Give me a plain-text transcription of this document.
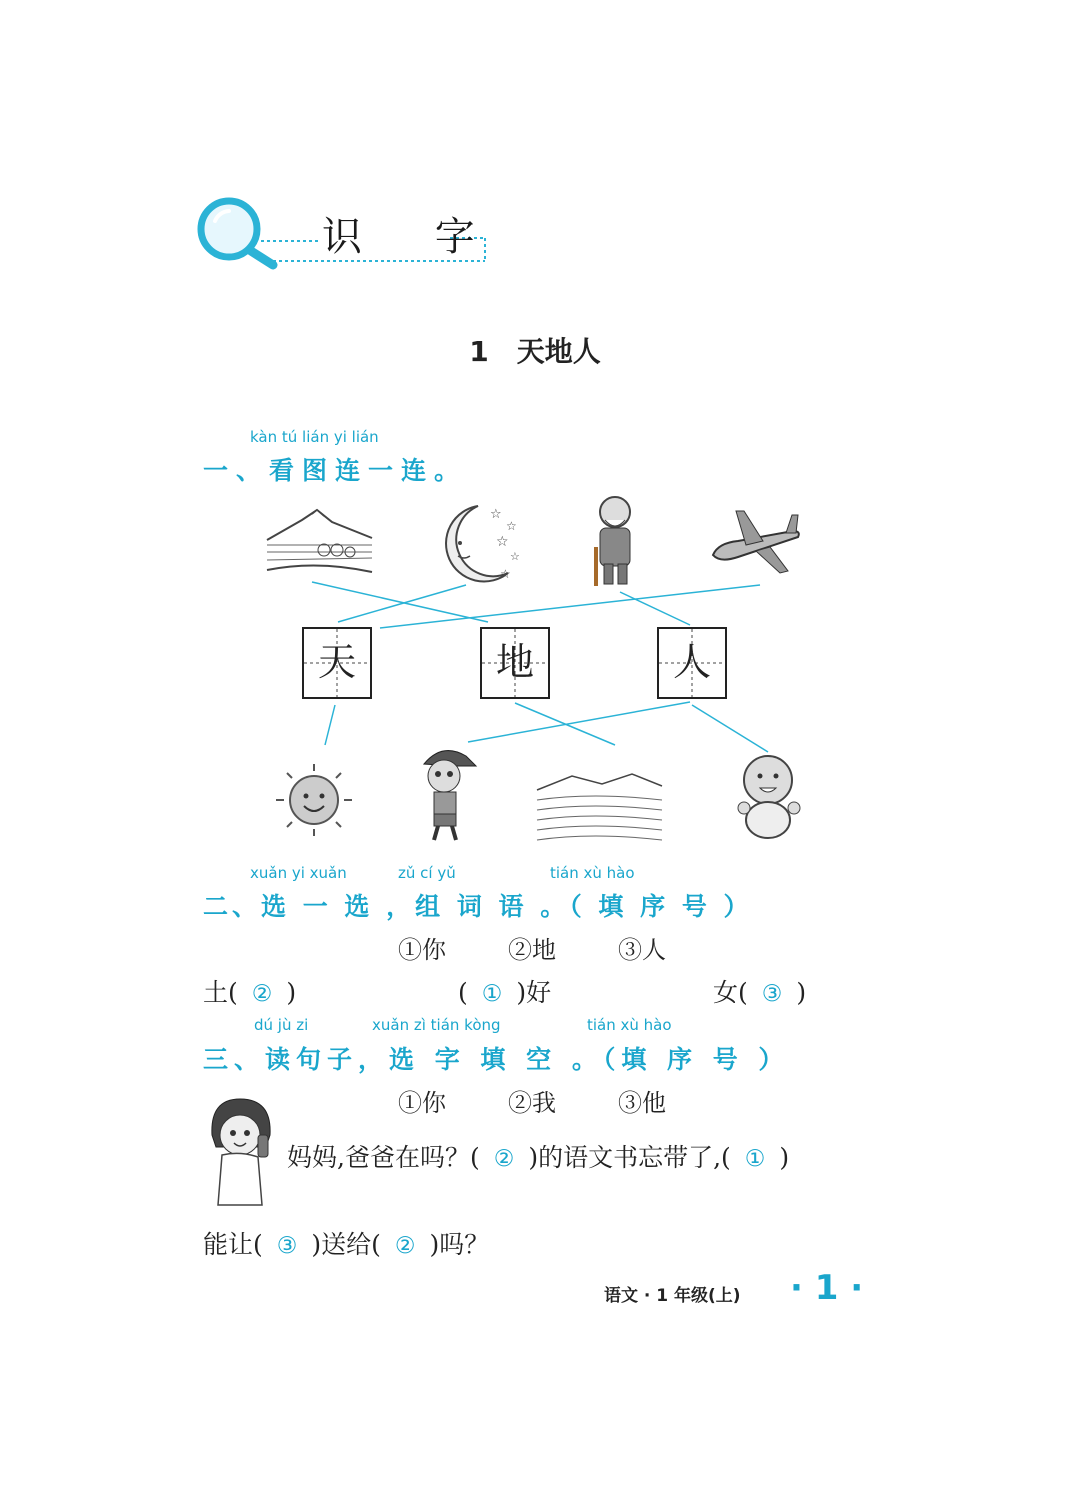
识 字
1 天地人
kàn tú lián yi lián
一、看图连一连。
☆
☆
☆
☆
☆
天	地	人
xuǎn yi xuǎn	zǔ cí yǔ	tián xù hào
二、选 一 选 ，组 词 语 。（ 填 序 号 ）
①你	②地	③人
土( ② )	( ① )好	女( ③ )
dú jù zi	xuǎn zì tián kòng	tián xù hào
三、读句子，选 字 填 空 。（填 序 号 ）
①你	②我	③他
妈妈,爸爸在吗？( ② )的语文书忘带了,( ① )
能让( ③ )送给( ② )吗？
语文 · 1 年级(上) · 1 ·
